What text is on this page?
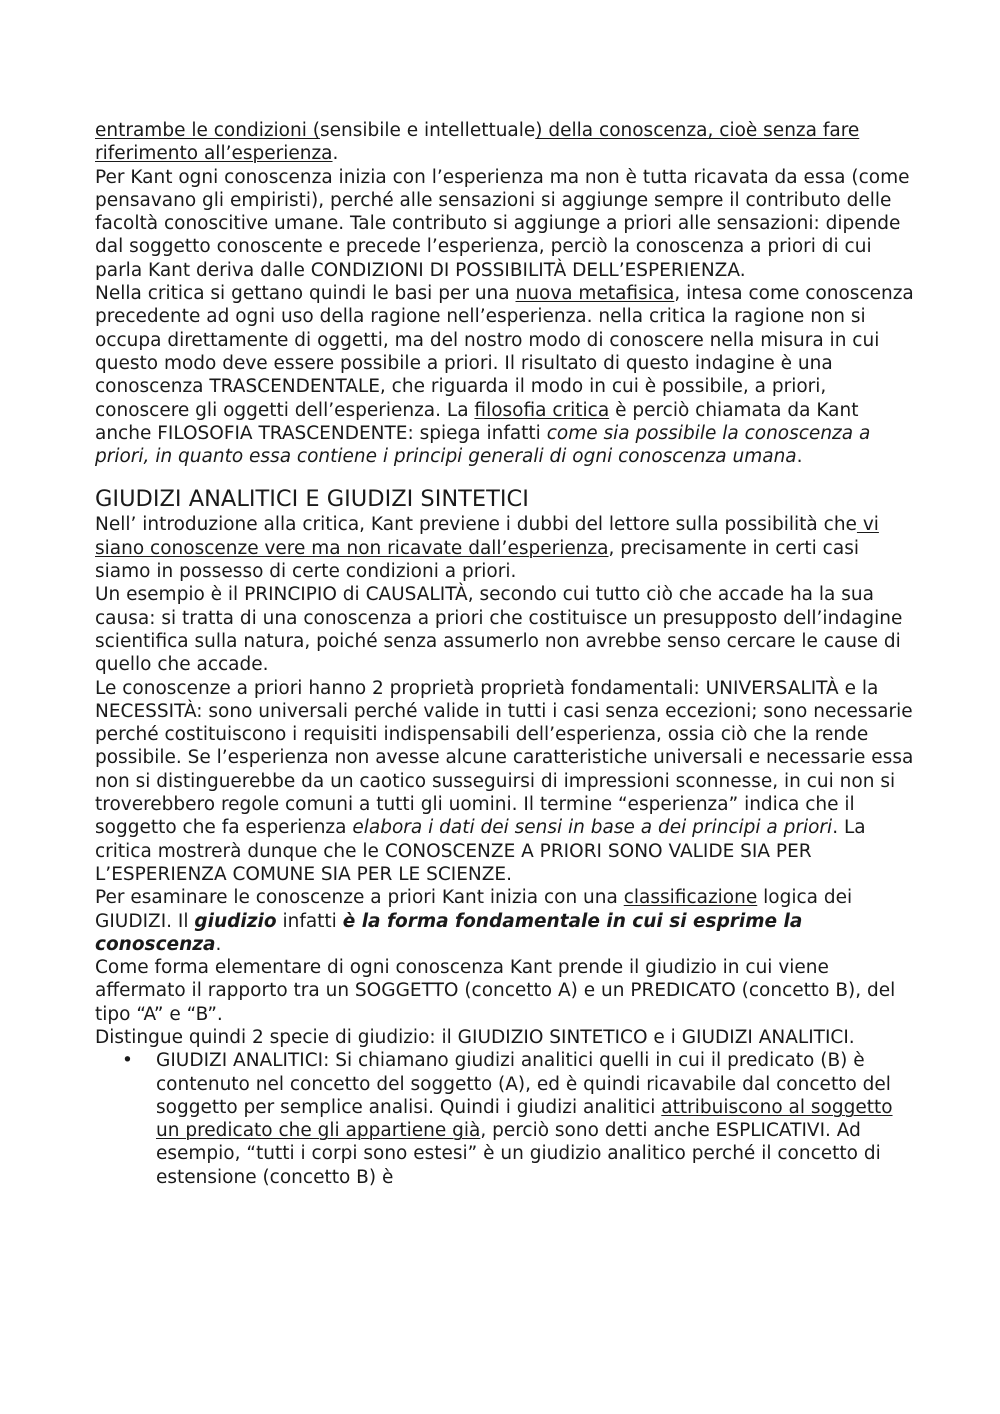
entrambe le condizioni (sensibile e intellettuale) della conoscenza, cioè senza fare riferimento all’esperienza.

Per Kant ogni conoscenza inizia con l’esperienza ma non è tutta ricavata da essa (come pensavano gli empiristi), perché alle sensazioni si aggiunge sempre il contributo delle facoltà conoscitive umane. Tale contributo si aggiunge a priori alle sensazioni: dipende dal soggetto conoscente e precede l’esperienza, perciò la conoscenza a priori di cui parla Kant deriva dalle CONDIZIONI DI POSSIBILITÀ DELL’ESPERIENZA.

Nella critica si gettano quindi le basi per una nuova metafisica, intesa come conoscenza precedente ad ogni uso della ragione nell’esperienza. nella critica la ragione non si occupa direttamente di oggetti, ma del nostro modo di conoscere nella misura in cui questo modo deve essere possibile a priori. Il risultato di questo indagine è una conoscenza TRASCENDENTALE, che riguarda il modo in cui è possibile, a priori, conoscere gli oggetti dell’esperienza. La filosofia critica è perciò chiamata da Kant anche FILOSOFIA TRASCENDENTE: spiega infatti come sia possibile la conoscenza a priori, in quanto essa contiene i principi generali di ogni conoscenza umana.

GIUDIZI ANALITICI E GIUDIZI SINTETICI

Nell’ introduzione alla critica, Kant previene i dubbi del lettore sulla possibilità che vi siano conoscenze vere ma non ricavate dall’esperienza, precisamente in certi casi siamo in possesso di certe condizioni a priori.

Un esempio è il PRINCIPIO di CAUSALITÀ, secondo cui tutto ciò che accade ha la sua causa: si tratta di una conoscenza a priori che costituisce un presupposto dell’indagine scientifica sulla natura, poiché senza assumerlo non avrebbe senso cercare le cause di quello che accade.

Le conoscenze a priori hanno 2 proprietà proprietà fondamentali: UNIVERSALITÀ e la NECESSITÀ: sono universali perché valide in tutti i casi senza eccezioni; sono necessarie perché costituiscono i requisiti indispensabili dell’esperienza, ossia ciò che la rende possibile. Se l’esperienza non avesse alcune caratteristiche universali e necessarie essa non si distinguerebbe da un caotico susseguirsi di impressioni sconnesse, in cui non si troverebbero regole comuni a tutti gli uomini. Il termine “esperienza” indica che il soggetto che fa esperienza elabora i dati dei sensi in base a dei principi a priori. La critica mostrerà dunque che le CONOSCENZE A PRIORI SONO VALIDE SIA PER L’ESPERIENZA COMUNE SIA PER LE SCIENZE.

Per esaminare le conoscenze a priori Kant inizia con una classificazione logica dei GIUDIZI. Il giudizio infatti è la forma fondamentale in cui si esprime la conoscenza.

Come forma elementare di ogni conoscenza Kant prende il giudizio in cui viene affermato il rapporto tra un SOGGETTO (concetto A) e un PREDICATO (concetto B), del tipo “A” e “B”.

Distingue quindi 2 specie di giudizio: il GIUDIZIO SINTETICO e i GIUDIZI ANALITICI.

• GIUDIZI ANALITICI: Si chiamano giudizi analitici quelli in cui il predicato (B) è contenuto nel concetto del soggetto (A), ed è quindi ricavabile dal concetto del soggetto per semplice analisi. Quindi i giudizi analitici attribuiscono al soggetto un predicato che gli appartiene già, perciò sono detti anche ESPLICATIVI. Ad esempio, “tutti i corpi sono estesi” è un giudizio analitico perché il concetto di estensione (concetto B) è
